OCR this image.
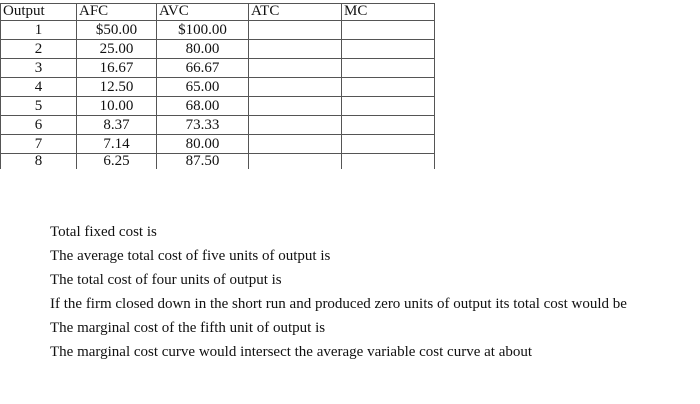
Output	AFC	AVC	ATC	MC
1	$50.00	$100.00		
2	25.00	80.00		
3	16.67	66.67		
4	12.50	65.00		
5	10.00	68.00		
6	8.37	73.33		
7	7.14	80.00		
8	6.25	87.50		
Total fixed cost is
The average total cost of five units of output is
The total cost of four units of output is
If the firm closed down in the short run and produced zero units of output its total cost would be
The marginal cost of the fifth unit of output is
The marginal cost curve would intersect the average variable cost curve at about
